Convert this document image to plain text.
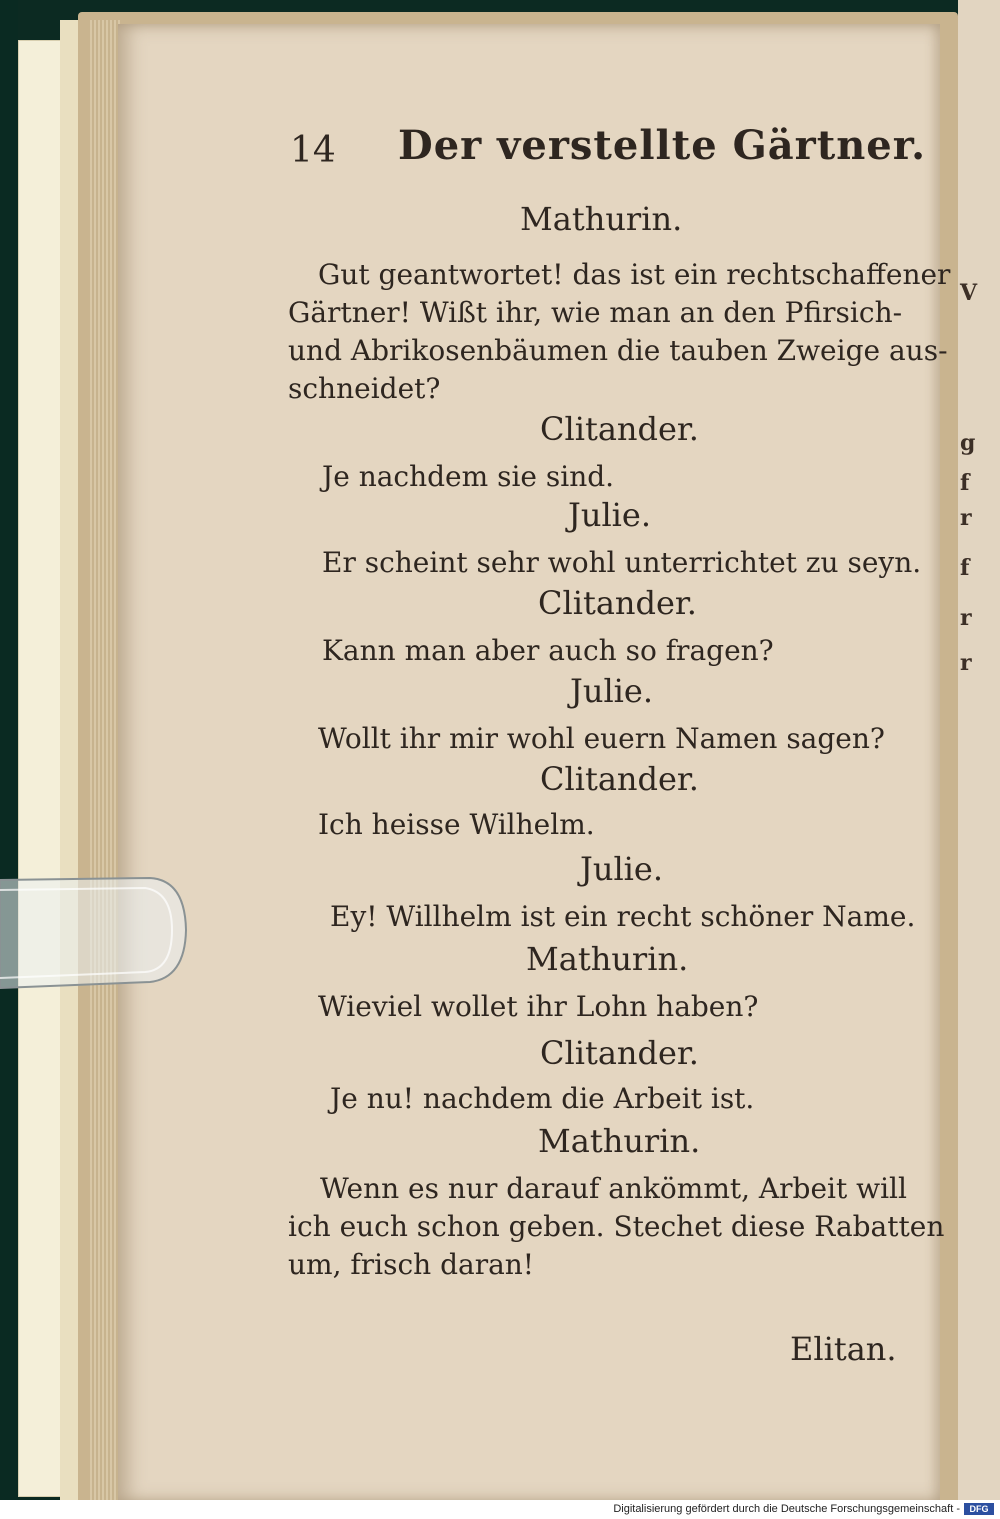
V
g
f
r
f
r
r
14 Der verstellte Gärtner.
Mathurin.
Gut geantwortet! das ist ein rechtschaffener
Gärtner! Wißt ihr, wie man an den Pfirsich-
und Abrikosenbäumen die tauben Zweige aus-
schneidet?
Clitander.
Je nachdem sie sind.
Julie.
Er scheint sehr wohl unterrichtet zu seyn.
Clitander.
Kann man aber auch so fragen?
Julie.
Wollt ihr mir wohl euern Namen sagen?
Clitander.
Ich heisse Wilhelm.
Julie.
Ey! Willhelm ist ein recht schöner Name.
Mathurin.
Wieviel wollet ihr Lohn haben?
Clitander.
Je nu! nachdem die Arbeit ist.
Mathurin.
Wenn es nur darauf ankömmt, Arbeit will
ich euch schon geben. Stechet diese Rabatten
um, frisch daran!
Elitan.
Digitalisierung gefördert durch die Deutsche Forschungsgemeinschaft -	DFG
